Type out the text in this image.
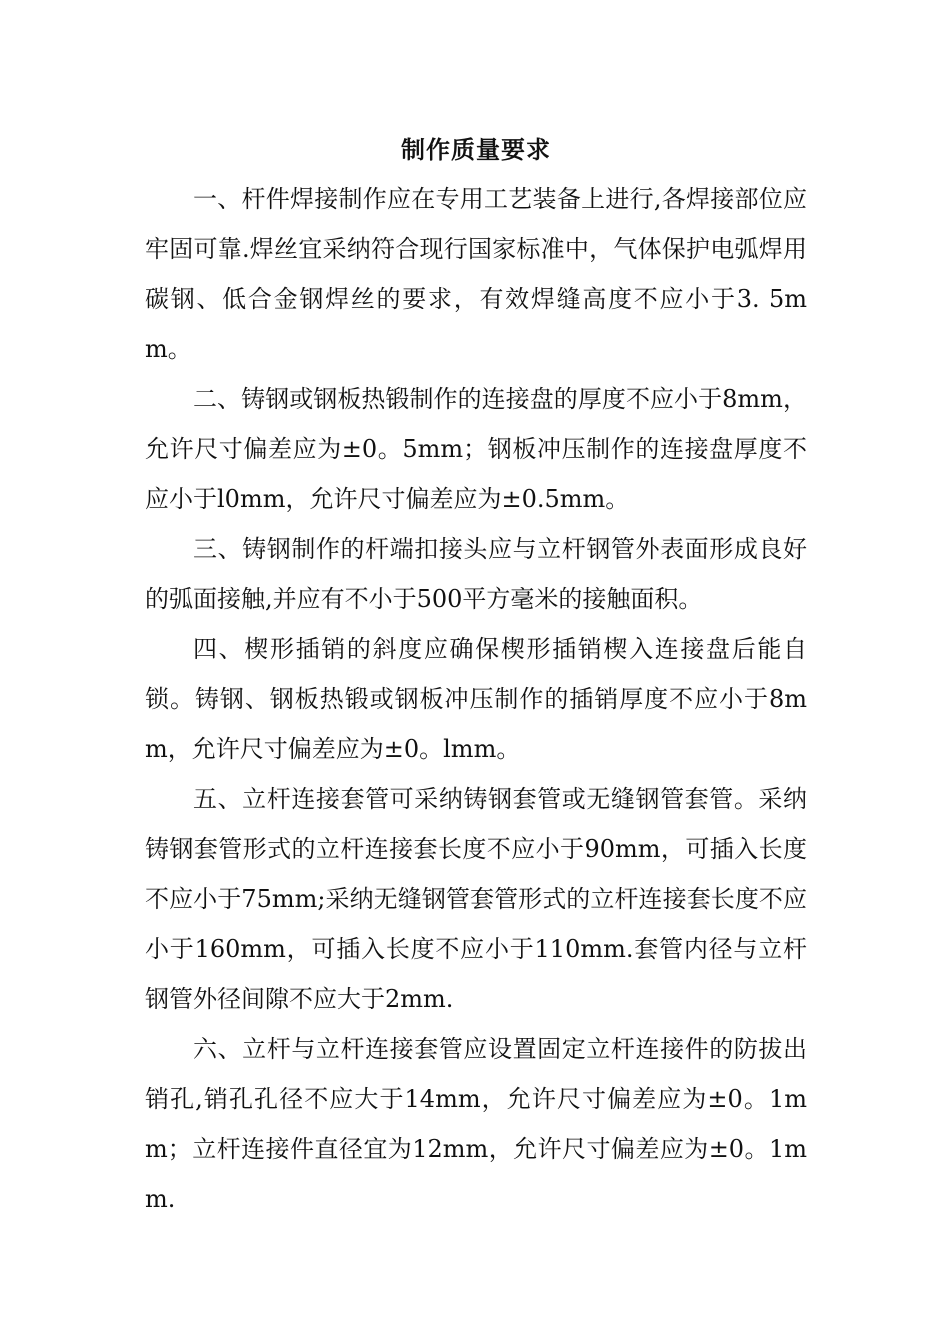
制作质量要求

一、杆件焊接制作应在专用工艺装备上进行,各焊接部位应牢固可靠.焊丝宜采纳符合现行国家标准中，气体保护电弧焊用碳钢、低合金钢焊丝的要求，有效焊缝高度不应小于3. 5mm。

二、铸钢或钢板热锻制作的连接盘的厚度不应小于8mm，允许尺寸偏差应为±0。5mm；钢板冲压制作的连接盘厚度不应小于l0mm，允许尺寸偏差应为±0.5mm。

三、铸钢制作的杆端扣接头应与立杆钢管外表面形成良好的弧面接触,并应有不小于500平方毫米的接触面积。

四、楔形插销的斜度应确保楔形插销楔入连接盘后能自锁。铸钢、钢板热锻或钢板冲压制作的插销厚度不应小于8mm，允许尺寸偏差应为±0。lmm。

五、立杆连接套管可采纳铸钢套管或无缝钢管套管。采纳铸钢套管形式的立杆连接套长度不应小于90mm，可插入长度不应小于75mm;采纳无缝钢管套管形式的立杆连接套长度不应小于160mm，可插入长度不应小于110mm.套管内径与立杆钢管外径间隙不应大于2mm.

六、立杆与立杆连接套管应设置固定立杆连接件的防拔出销孔,销孔孔径不应大于14mm，允许尺寸偏差应为±0。1mm；立杆连接件直径宜为12mm，允许尺寸偏差应为±0。1mm.
